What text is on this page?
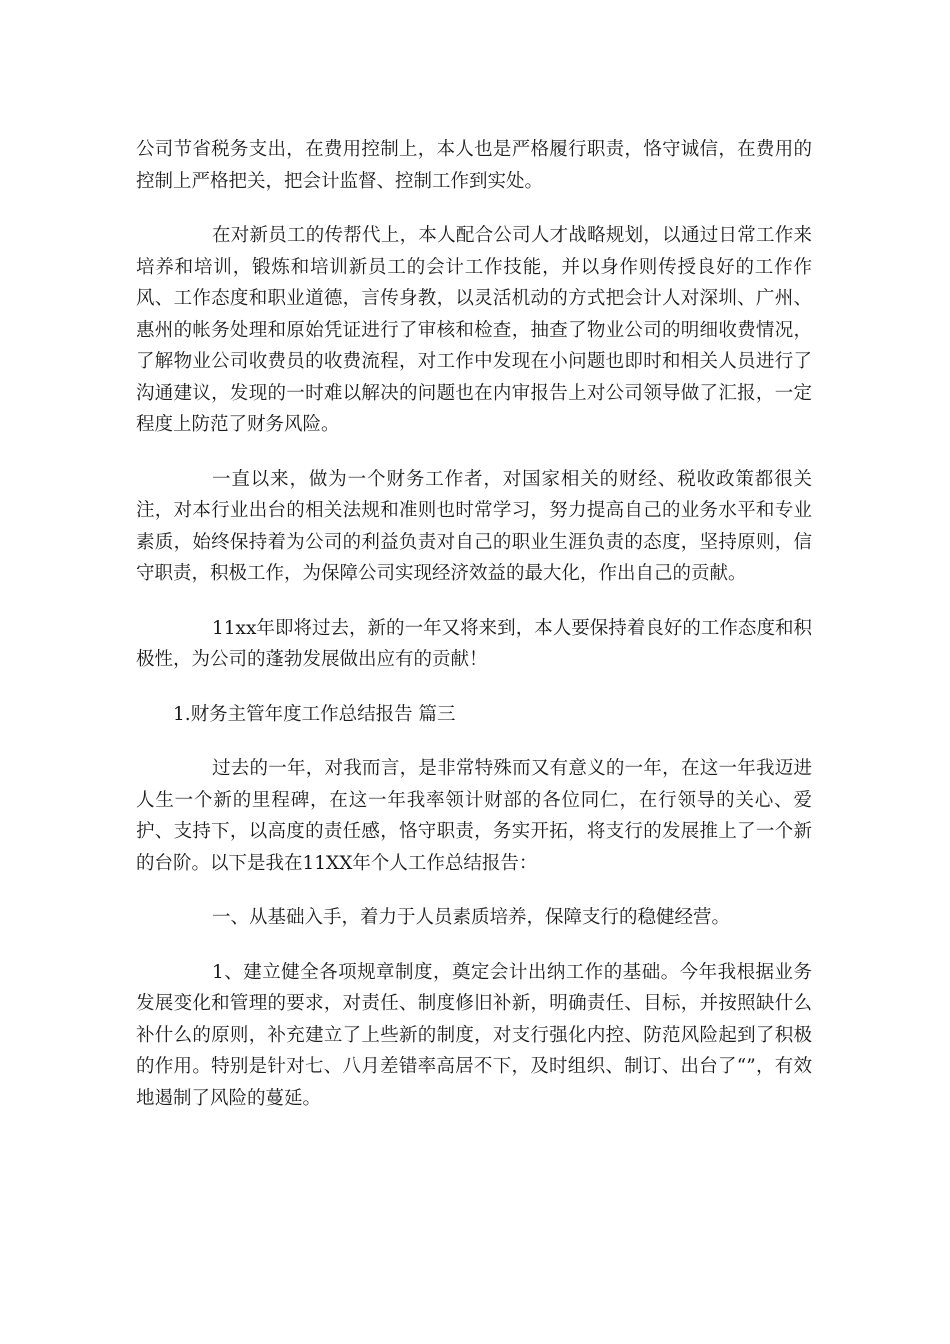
公司节省税务支出，在费用控制上，本人也是严格履行职责，恪守诚信，在费用的控制上严格把关，把会计监督、控制工作到实处。

在对新员工的传帮代上，本人配合公司人才战略规划，以通过日常工作来培养和培训，锻炼和培训新员工的会计工作技能，并以身作则传授良好的工作作风、工作态度和职业道德，言传身教，以灵活机动的方式把会计人对深圳、广州、惠州的帐务处理和原始凭证进行了审核和检查，抽查了物业公司的明细收费情况，了解物业公司收费员的收费流程，对工作中发现在小问题也即时和相关人员进行了沟通建议，发现的一时难以解决的问题也在内审报告上对公司领导做了汇报，一定程度上防范了财务风险。

一直以来，做为一个财务工作者，对国家相关的财经、税收政策都很关注，对本行业出台的相关法规和准则也时常学习，努力提高自己的业务水平和专业素质，始终保持着为公司的利益负责对自己的职业生涯负责的态度，坚持原则，信守职责，积极工作，为保障公司实现经济效益的最大化，作出自己的贡献。

11xx年即将过去，新的一年又将来到，本人要保持着良好的工作态度和积极性，为公司的蓬勃发展做出应有的贡献！

1.财务主管年度工作总结报告 篇三

过去的一年，对我而言，是非常特殊而又有意义的一年，在这一年我迈进人生一个新的里程碑，在这一年我率领计财部的各位同仁，在行领导的关心、爱护、支持下，以高度的责任感，恪守职责，务实开拓，将支行的发展推上了一个新的台阶。以下是我在11XX年个人工作总结报告：

一、从基础入手，着力于人员素质培养，保障支行的稳健经营。

1、建立健全各项规章制度，奠定会计出纳工作的基础。今年我根据业务发展变化和管理的要求，对责任、制度修旧补新，明确责任、目标，并按照缺什么补什么的原则，补充建立了上些新的制度，对支行强化内控、防范风险起到了积极的作用。特别是针对七、八月差错率高居不下，及时组织、制订、出台了“”，有效地遏制了风险的蔓延。
